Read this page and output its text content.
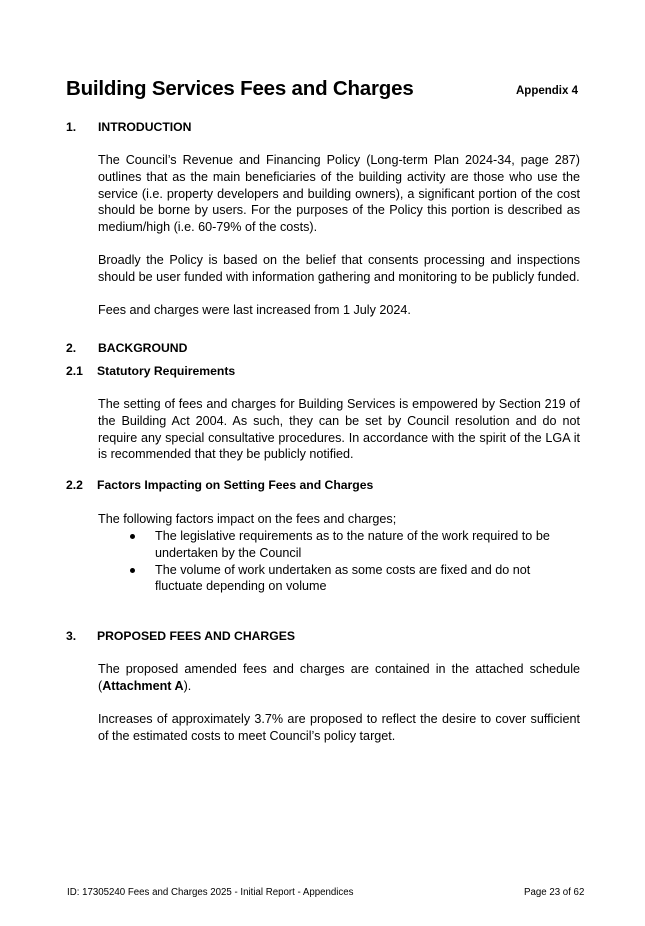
Building Services Fees and Charges	Appendix 4
1. INTRODUCTION
The Council’s Revenue and Financing Policy (Long-term Plan 2024-34, page 287) outlines that as the main beneficiaries of the building activity are those who use the service (i.e. property developers and building owners), a significant portion of the cost should be borne by users. For the purposes of the Policy this portion is described as medium/high (i.e. 60-79% of the costs).
Broadly the Policy is based on the belief that consents processing and inspections should be user funded with information gathering and monitoring to be publicly funded.
Fees and charges were last increased from 1 July 2024.
2. BACKGROUND
2.1 Statutory Requirements
The setting of fees and charges for Building Services is empowered by Section 219 of the Building Act 2004. As such, they can be set by Council resolution and do not require any special consultative procedures. In accordance with the spirit of the LGA it is recommended that they be publicly notified.
2.2 Factors Impacting on Setting Fees and Charges
The following factors impact on the fees and charges;

The legislative requirements as to the nature of the work required to be undertaken by the Council

The volume of work undertaken as some costs are fixed and do not fluctuate depending on volume

3. PROPOSED FEES AND CHARGES
The proposed amended fees and charges are contained in the attached schedule (Attachment A).
Increases of approximately 3.7% are proposed to reflect the desire to cover sufficient of the estimated costs to meet Council’s policy target.
ID: 17305240 Fees and Charges 2025 - Initial Report - Appendices	Page 23 of 62
